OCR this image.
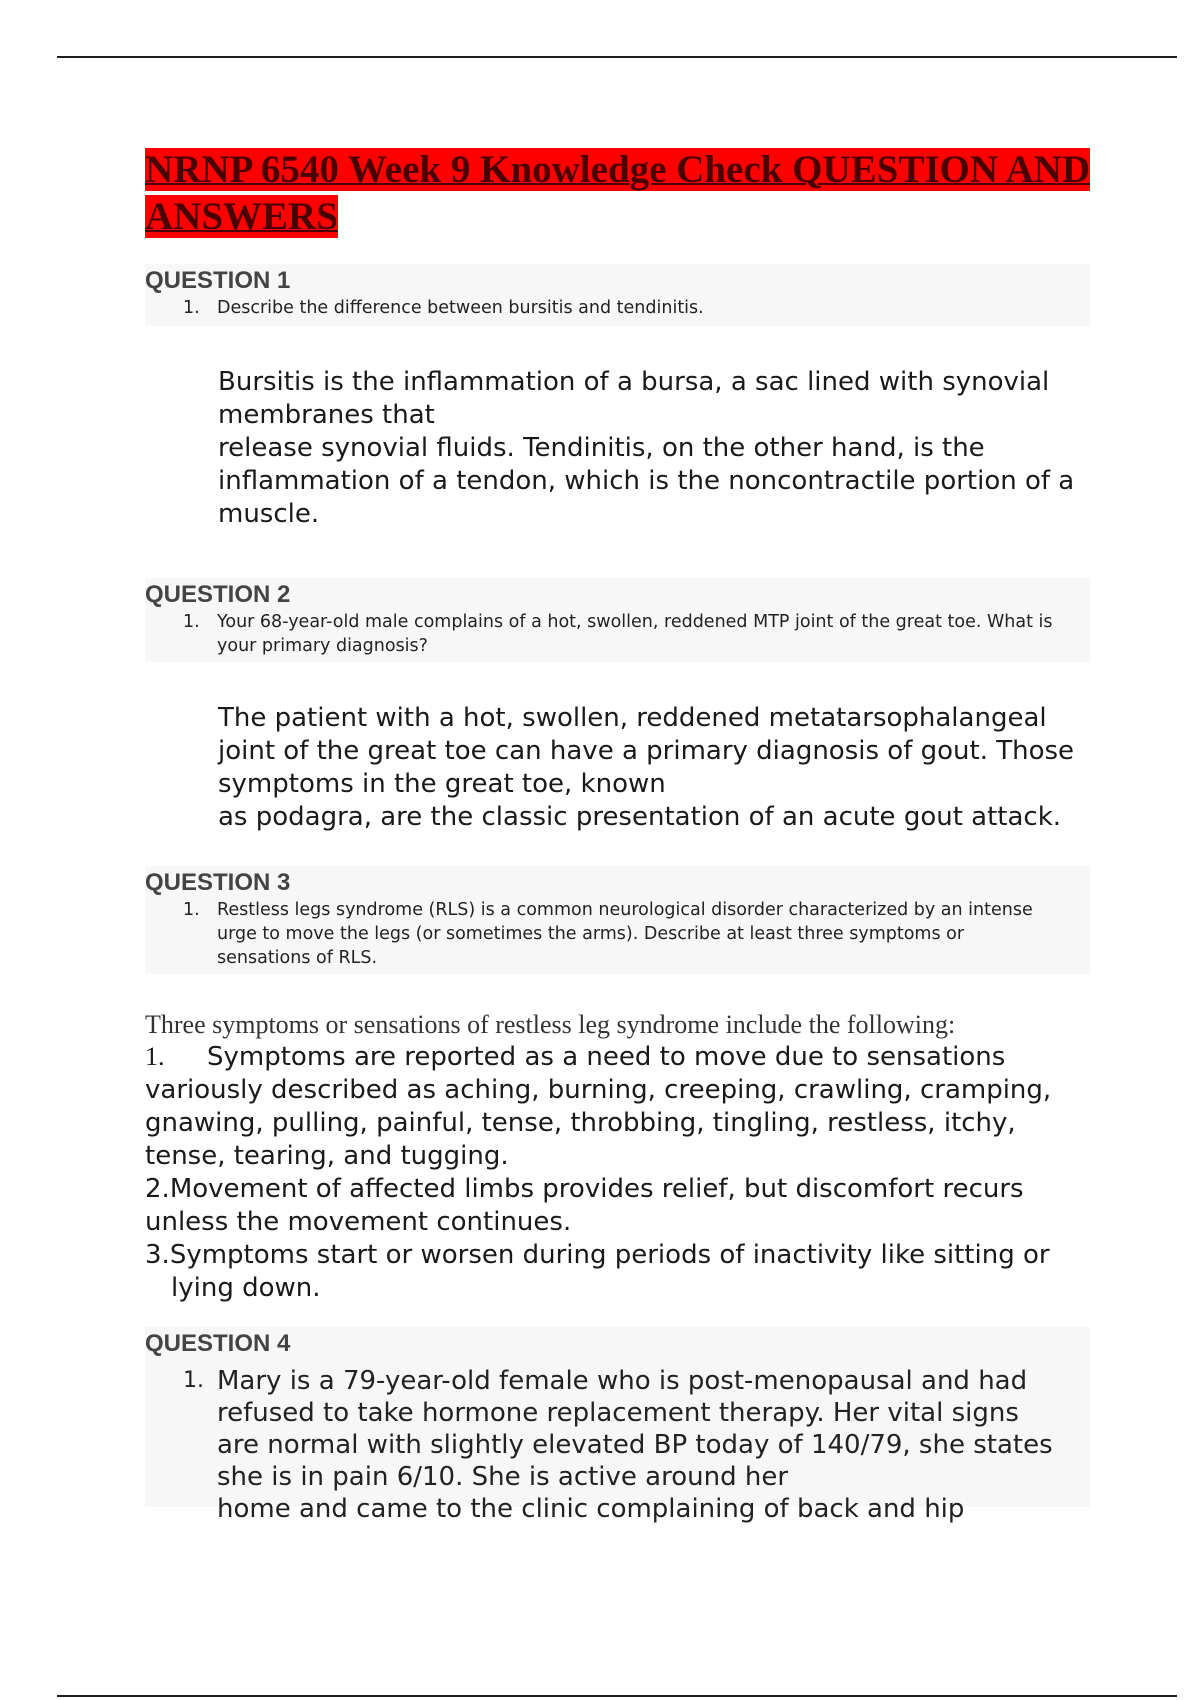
NRNP 6540 Week 9 Knowledge Check QUESTION AND ANSWERS
QUESTION 1
1. Describe the difference between bursitis and tendinitis.

Bursitis is the inflammation of a bursa, a sac lined with synovial membranes that

release synovial fluids. Tendinitis, on the other hand, is the inflammation of a tendon, which is the noncontractile portion of a muscle.

QUESTION 2
1. Your 68-year-old male complains of a hot, swollen, reddened MTP joint of the great toe. What is your primary diagnosis?

The patient with a hot, swollen, reddened metatarsophalangeal joint of the great toe can have a primary diagnosis of gout. Those symptoms in the great toe, known

as podagra, are the classic presentation of an acute gout attack.

QUESTION 3
1. Restless legs syndrome (RLS) is a common neurological disorder characterized by an intense urge to move the legs (or sometimes the arms). Describe at least three symptoms or sensations of RLS.

Three symptoms or sensations of restless leg syndrome include the following:

1. Symptoms are reported as a need to move due to sensations variously described as aching, burning, creeping, crawling, cramping, gnawing, pulling, painful, tense, throbbing, tingling, restless, itchy, tense, tearing, and tugging.

2.Movement of affected limbs provides relief, but discomfort recurs unless the movement continues.

3.Symptoms start or worsen during periods of inactivity like sitting or lying down.

QUESTION 4
1. Mary is a 79-year-old female who is post-menopausal and had refused to take hormone replacement therapy. Her vital signs are normal with slightly elevated BP today of 140/79, she states she is in pain 6/10. She is active around her
home and came to the clinic complaining of back and hip
